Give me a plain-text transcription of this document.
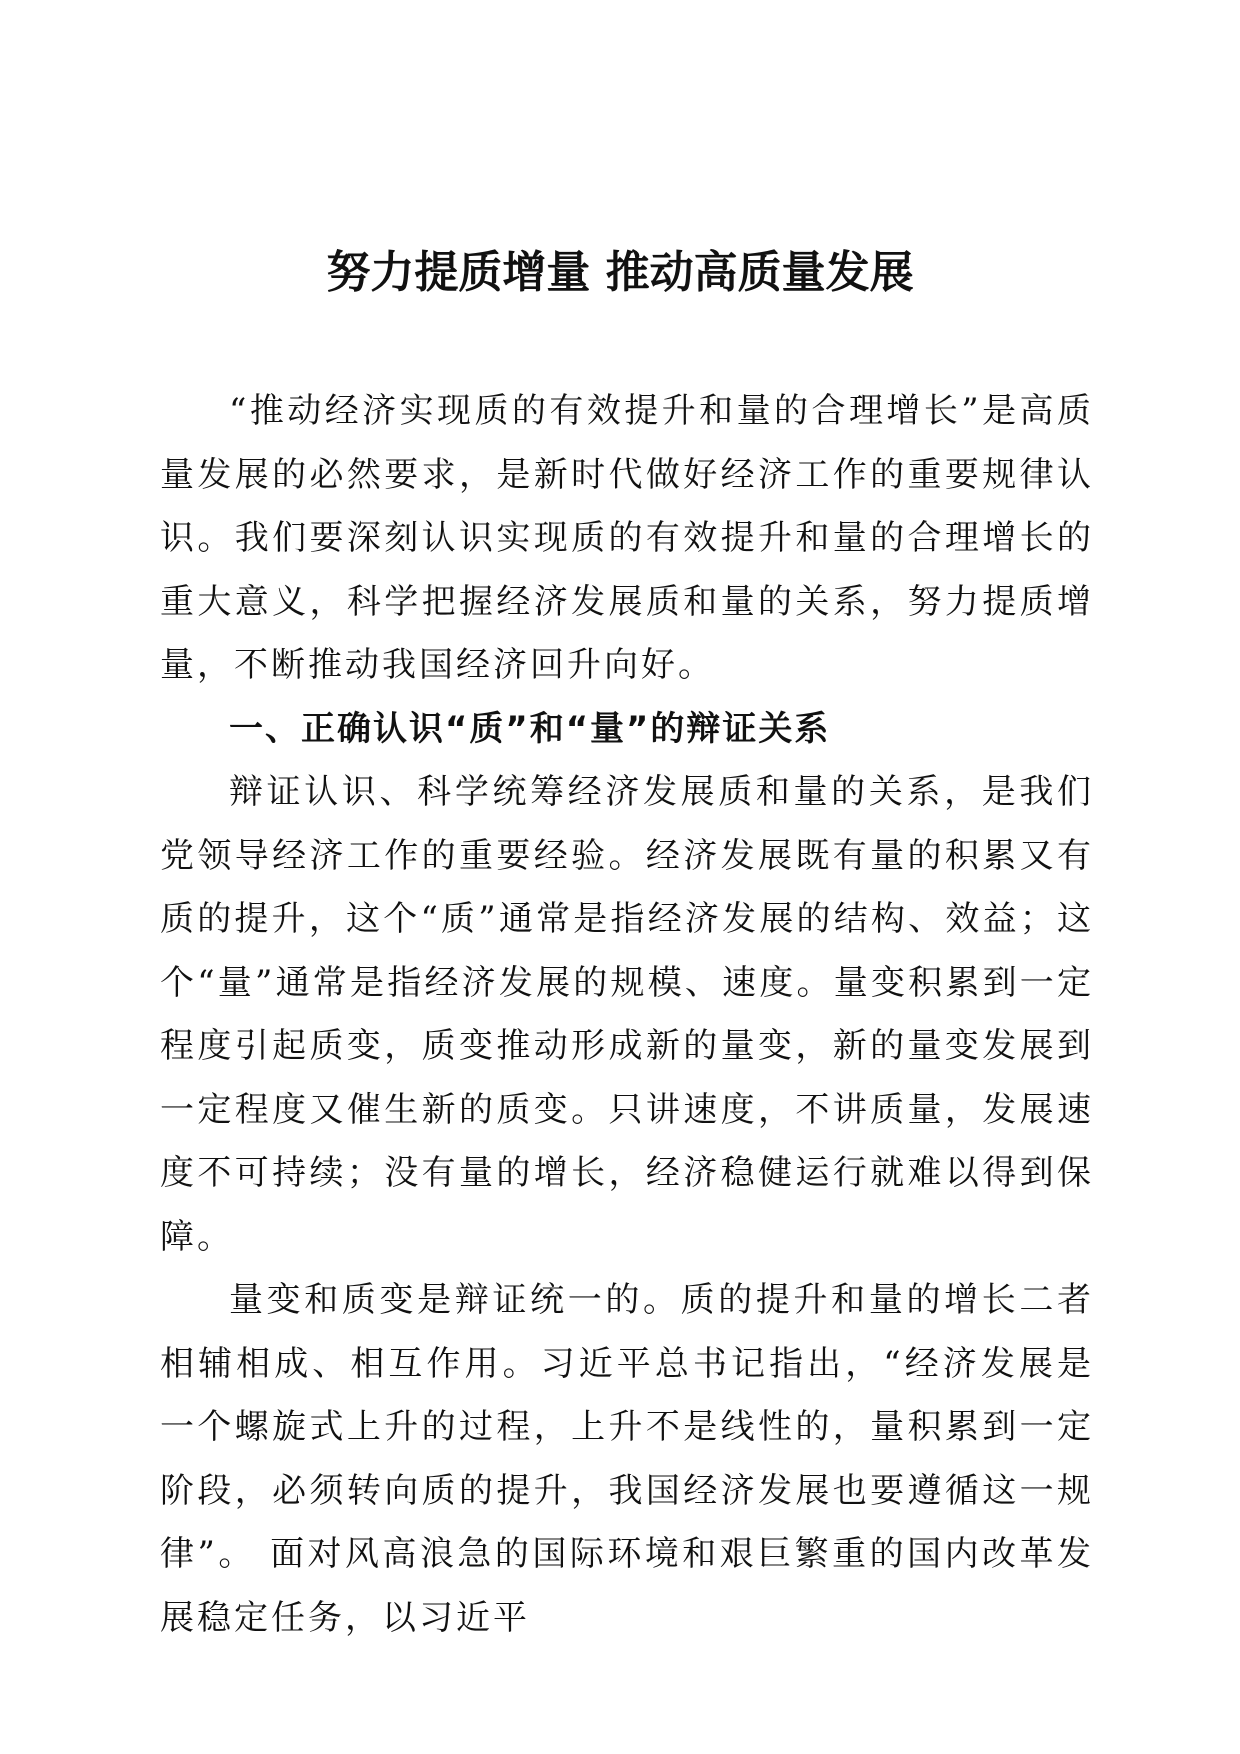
努力提质增量 推动高质量发展

“推动经济实现质的有效提升和量的合理增长”是高质量发展的必然要求，是新时代做好经济工作的重要规律认识。我们要深刻认识实现质的有效提升和量的合理增长的重大意义，科学把握经济发展质和量的关系，努力提质增量，不断推动我国经济回升向好。

一、正确认识“质”和“量”的辩证关系

辩证认识、科学统筹经济发展质和量的关系，是我们党领导经济工作的重要经验。经济发展既有量的积累又有质的提升，这个“质”通常是指经济发展的结构、效益；这个“量”通常是指经济发展的规模、速度。量变积累到一定程度引起质变，质变推动形成新的量变，新的量变发展到一定程度又催生新的质变。只讲速度，不讲质量，发展速度不可持续；没有量的增长，经济稳健运行就难以得到保障。

量变和质变是辩证统一的。质的提升和量的增长二者相辅相成、相互作用。习近平总书记指出，“经济发展是一个螺旋式上升的过程，上升不是线性的，量积累到一定阶段，必须转向质的提升，我国经济发展也要遵循这一规律”。 面对风高浪急的国际环境和艰巨繁重的国内改革发展稳定任务，以习近平
